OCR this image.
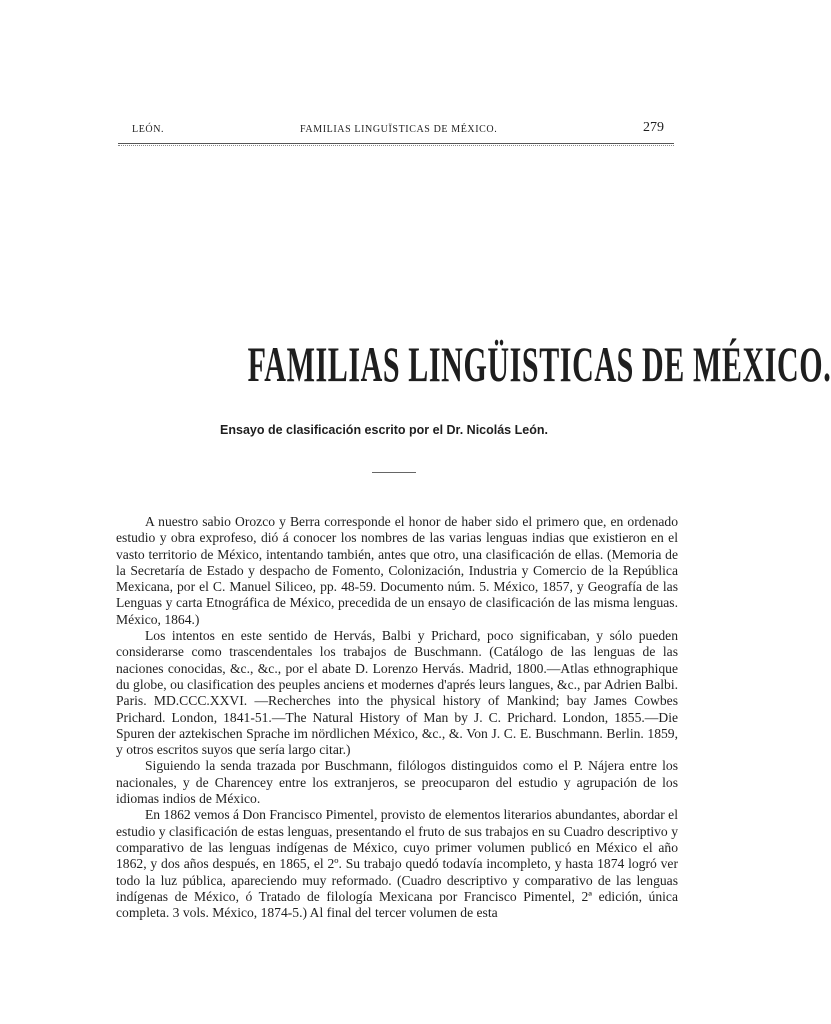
LEÓN.	FAMILIAS LINGUÏSTICAS DE MÉXICO.	279
FAMILIAS LINGÜISTICAS DE MÉXICO.
Ensayo de clasificación escrito por el Dr. Nicolás León.

A nuestro sabio Orozco y Berra corresponde el honor de haber sido el primero que, en ordenado estudio y obra exprofeso, dió á conocer los nombres de las varias lenguas indias que existieron en el vasto territorio de México, intentando también, antes que otro, una clasificación de ellas. (Memoria de la Secretaría de Estado y despacho de Fomento, Colonización, Industria y Comercio de la República Mexicana, por el C. Manuel Siliceo, pp. 48-59. Documento núm. 5. México, 1857, y Geografía de las Lenguas y carta Etnográfica de México, precedida de un ensayo de clasificación de las misma lenguas. México, 1864.)

Los intentos en este sentido de Hervás, Balbi y Prichard, poco significaban, y sólo pueden considerarse como trascendentales los trabajos de Buschmann. (Catálogo de las lenguas de las naciones conocidas, &c., &c., por el abate D. Lorenzo Hervás. Madrid, 1800.—Atlas ethnographique du globe, ou clasification des peuples anciens et modernes d'aprés leurs langues, &c., par Adrien Balbi. Paris. MD.CCC.XXVI. —Recherches into the physical history of Mankind; bay James Cowbes Prichard. London, 1841-51.—The Natural History of Man by J. C. Prichard. London, 1855.—Die Spuren der aztekischen Sprache im nördlichen México, &c., &. Von J. C. E. Buschmann. Berlin. 1859, y otros escritos suyos que sería largo citar.)

Siguiendo la senda trazada por Buschmann, filólogos distinguidos como el P. Nájera entre los nacionales, y de Charencey entre los extranjeros, se preocuparon del estudio y agrupación de los idiomas indios de México.

En 1862 vemos á Don Francisco Pimentel, provisto de elementos literarios abundantes, abordar el estudio y clasificación de estas lenguas, presentando el fruto de sus trabajos en su Cuadro descriptivo y comparativo de las lenguas indígenas de México, cuyo primer volumen publicó en México el año 1862, y dos años después, en 1865, el 2º. Su trabajo quedó todavía incompleto, y hasta 1874 logró ver todo la luz pública, apareciendo muy reformado. (Cuadro descriptivo y comparativo de las lenguas indígenas de México, ó Tratado de filología Mexicana por Francisco Pimentel, 2ª edición, única completa. 3 vols. México, 1874-5.) Al final del tercer volumen de esta
